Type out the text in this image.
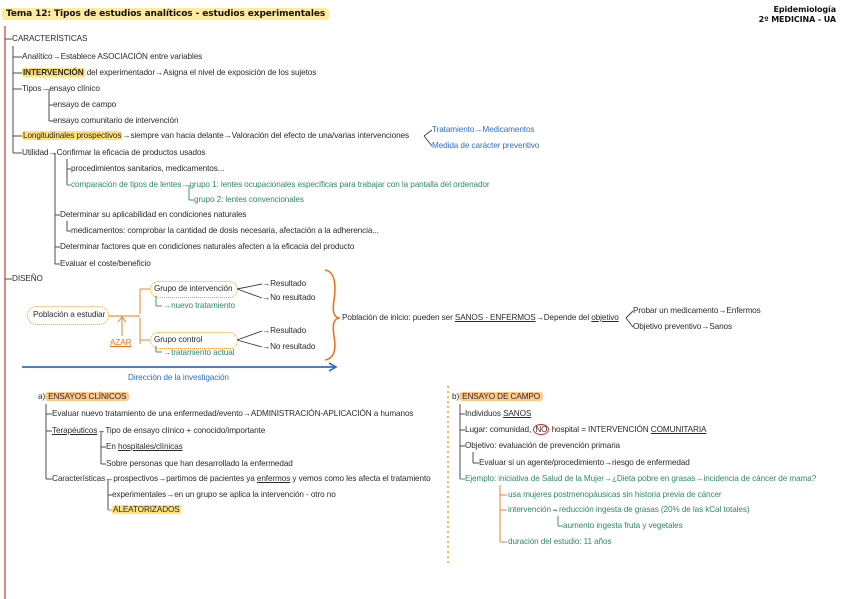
Tema 12: Tipos de estudios analíticos - estudios experimentales	Epidemiología
2º MEDICINA - UA
CARACTERÍSTICAS
Analítico→Establece ASOCIACIÓN entre variables
INTERVENCIÓN del experimentador→Asigna el nivel de exposición de los sujetos
Tipos→ensayo clínico
ensayo de campo
ensayo comunitario de intervención
Longitudinales prospectivos→siempre van hacia delante→Valoración del efecto de una/varias intervenciones
Tratamiento→Medicamentos
Medida de carácter preventivo
Utilidad→Confirmar la eficacia de productos usados
procedimientos sanitarios, medicamentos...
comparación de tipos de lentes→grupo 1: lentes ocupacionales específicas para trabajar con la pantalla del ordenador
grupo 2: lentes convencionales
Determinar su aplicabilidad en condiciones naturales
medicamentos: comprobar la cantidad de dosis necesaria, afectación a la adherencia...
Determinar factores que en condiciones naturales afecten a la eficacia del producto
Evaluar el coste/beneficio
DISEÑO
Población a estudiar
AZAR
Grupo de intervención
→nuevo tratamiento
Grupo control
→tratamiento actual
→Resultado
→No resultado
→Resultado
→No resultado
Población de inicio: pueden ser SANOS - ENFERMOS→Depende del objetivo
Probar un medicamento→Enfermos
Objetivo preventivo→Sanos
Dirección de la investigación
a) ENSAYOS CLÍNICOS
Evaluar nuevo tratamiento de una enfermedad/evento→ADMINISTRACIÓN-APLICACIÓN a humanos
Terapéuticos→Tipo de ensayo clínico + conocido/importante
En hospitales/clínicas
Sobre personas que han desarrollado la enfermedad
Características→prospectivos→partimos de pacientes ya enfermos y vemos como les afecta el tratamiento
experimentales→en un grupo se aplica la intervención - otro no
ALEATORIZADOS
b) ENSAYO DE CAMPO
Individuos SANOS
Lugar: comunidad, NO hospital = INTERVENCIÓN COMUNITARIA
Objetivo: evaluación de prevención primaria
Evaluar si un agente/procedimiento→riesgo de enfermedad
Ejemplo: iniciativa de Salud de la Mujer→¿Dieta pobre en grasas→incidencia de cáncer de mama?
usa mujeres postmenopáusicas sin historia previa de cáncer
intervención→reducción ingesta de grasas (20% de las kCal totales)
aumento ingesta fruta y vegetales
duración del estudio: 11 años
